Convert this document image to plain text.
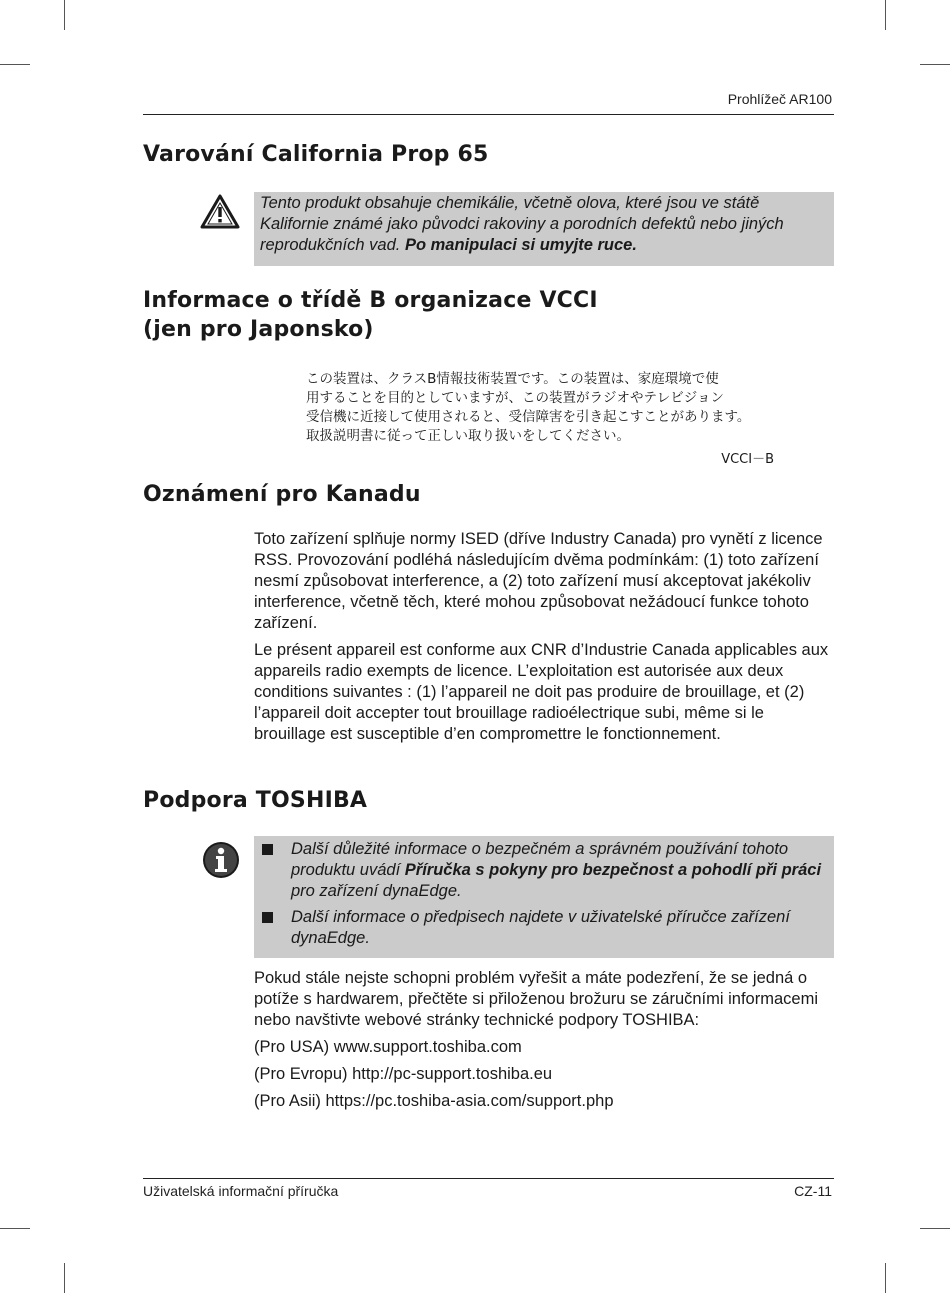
Prohlížeč AR100
Varování California Prop 65
Tento produkt obsahuje chemikálie, včetně olova, které jsou ve státě Kalifornie známé jako původci rakoviny a porodních defektů nebo jiných reprodukčních vad. Po manipulaci si umyjte ruce.
Informace o třídě B organizace VCCI
(jen pro Japonsko)
この装置は、クラスB情報技術装置です。この装置は、家庭環境で使
用することを目的としていますが、この装置がラジオやテレビジョン
受信機に近接して使用されると、受信障害を引き起こすことがあります。
取扱説明書に従って正しい取り扱いをしてください。
VCCI－B
Oznámení pro Kanadu

Toto zařízení splňuje normy ISED (dříve Industry Canada) pro vynětí z licence RSS. Provozování podléhá následujícím dvěma podmínkám: (1) toto zařízení nesmí způsobovat interference, a (2) toto zařízení musí akceptovat jakékoliv interference, včetně těch, které mohou způsobovat nežádoucí funkce tohoto zařízení.

Le présent appareil est conforme aux CNR d’Industrie Canada applicables aux appareils radio exempts de licence. L’exploitation est autorisée aux deux conditions suivantes : (1) l’appareil ne doit pas produire de brouillage, et (2) l’appareil doit accepter tout brouillage radioélectrique subi, même si le brouillage est susceptible d’en compromettre le fonctionnement.

Podpora TOSHIBA
Další důležité informace o bezpečném a správném používání tohoto produktu uvádí Příručka s pokyny pro bezpečnost a pohodlí při práci pro zařízení dynaEdge.
Další informace o předpisech najdete v uživatelské příručce zařízení dynaEdge.

Pokud stále nejste schopni problém vyřešit a máte podezření, že se jedná o potíže s hardwarem, přečtěte si přiloženou brožuru se záručními informacemi nebo navštivte webové stránky technické podpory TOSHIBA:

(Pro USA) www.support.toshiba.com

(Pro Evropu) http://pc-support.toshiba.eu

(Pro Asii) https://pc.toshiba-asia.com/support.php

Uživatelská informační příručka	CZ-11
